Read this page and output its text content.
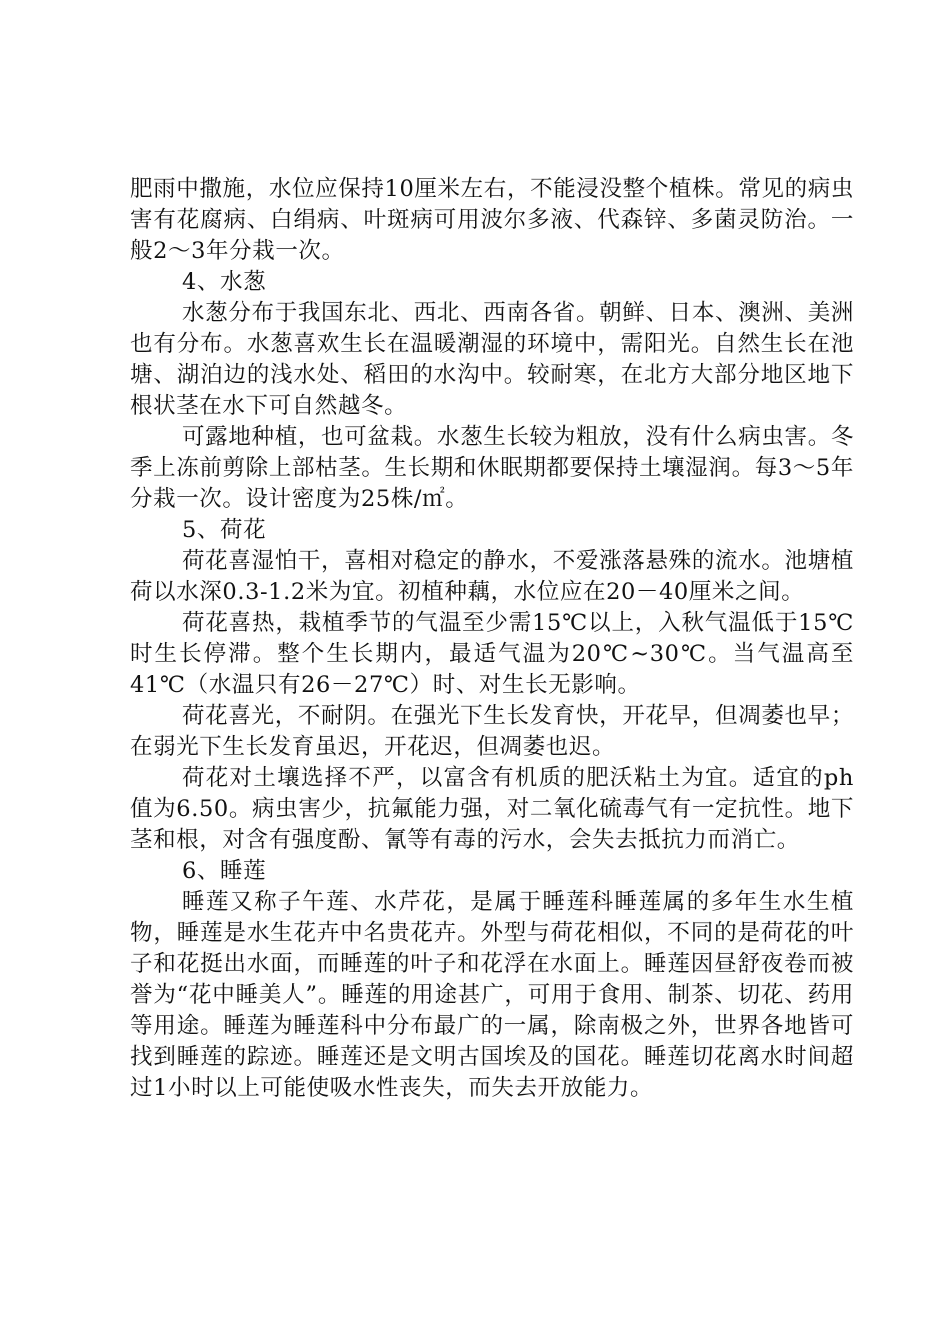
肥雨中撒施，水位应保持10厘米左右，不能浸没整个植株。常见的病虫害有花腐病、白绢病、叶斑病可用波尔多液、代森锌、多菌灵防治。一般2～3年分栽一次。

4、水葱

水葱分布于我国东北、西北、西南各省。朝鲜、日本、澳洲、美洲也有分布。水葱喜欢生长在温暖潮湿的环境中，需阳光。自然生长在池塘、湖泊边的浅水处、稻田的水沟中。较耐寒，在北方大部分地区地下根状茎在水下可自然越冬。

可露地种植，也可盆栽。水葱生长较为粗放，没有什么病虫害。冬季上冻前剪除上部枯茎。生长期和休眠期都要保持土壤湿润。每3～5年分栽一次。设计密度为25株/㎡。

5、荷花

荷花喜湿怕干，喜相对稳定的静水，不爱涨落悬殊的流水。池塘植荷以水深0.3-1.2米为宜。初植种藕，水位应在20－40厘米之间。

荷花喜热，栽植季节的气温至少需15℃以上，入秋气温低于15℃时生长停滞。整个生长期内，最适气温为20℃~30℃。当气温高至41℃（水温只有26－27℃）时、对生长无影响。

荷花喜光，不耐阴。在强光下生长发育快，开花早，但凋萎也早；在弱光下生长发育虽迟，开花迟，但凋萎也迟。

荷花对土壤选择不严，以富含有机质的肥沃粘土为宜。适宜的ph值为6.50。病虫害少，抗氟能力强，对二氧化硫毒气有一定抗性。地下茎和根，对含有强度酚、氰等有毒的污水，会失去抵抗力而消亡。

6、睡莲

睡莲又称子午莲、水芹花，是属于睡莲科睡莲属的多年生水生植物，睡莲是水生花卉中名贵花卉。外型与荷花相似，不同的是荷花的叶子和花挺出水面，而睡莲的叶子和花浮在水面上。睡莲因昼舒夜卷而被誉为“花中睡美人”。睡莲的用途甚广，可用于食用、制茶、切花、药用等用途。睡莲为睡莲科中分布最广的一属，除南极之外，世界各地皆可找到睡莲的踪迹。睡莲还是文明古国埃及的国花。睡莲切花离水时间超过1小时以上可能使吸水性丧失，而失去开放能力。
